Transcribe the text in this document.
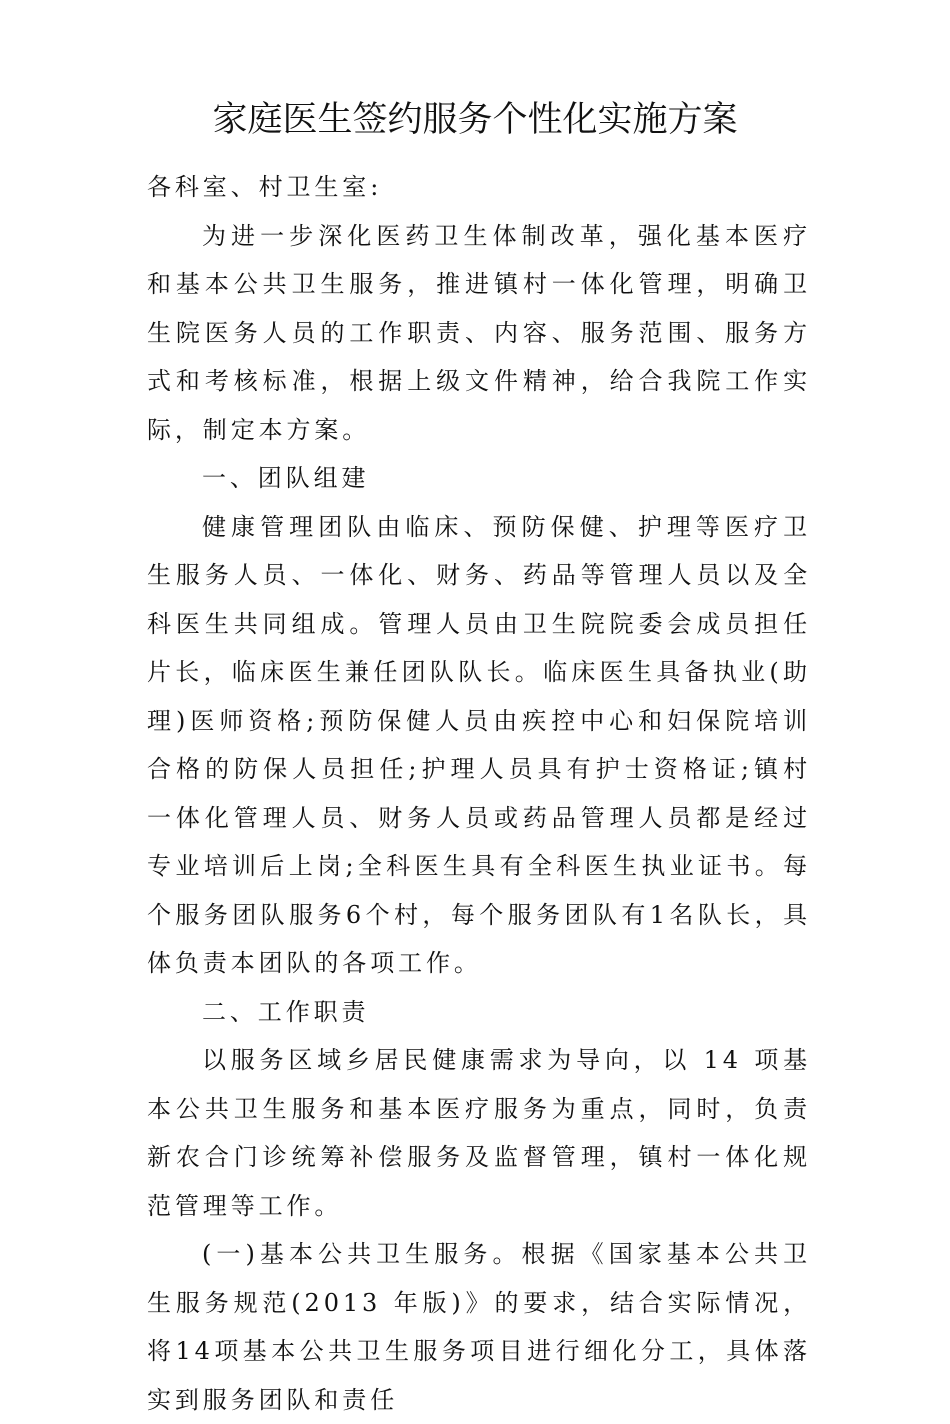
家庭医生签约服务个性化实施方案

各科室、村卫生室:

为进一步深化医药卫生体制改革，强化基本医疗和基本公共卫生服务，推进镇村一体化管理，明确卫生院医务人员的工作职责、内容、服务范围、服务方式和考核标准，根据上级文件精神，给合我院工作实际，制定本方案。

一、团队组建

健康管理团队由临床、预防保健、护理等医疗卫生服务人员、一体化、财务、药品等管理人员以及全科医生共同组成。管理人员由卫生院院委会成员担任片长，临床医生兼任团队队长。临床医生具备执业(助理)医师资格;预防保健人员由疾控中心和妇保院培训合格的防保人员担任;护理人员具有护士资格证;镇村一体化管理人员、财务人员或药品管理人员都是经过专业培训后上岗;全科医生具有全科医生执业证书。每个服务团队服务6个村，每个服务团队有1名队长，具体负责本团队的各项工作。

二、工作职责

以服务区域乡居民健康需求为导向，以 14 项基本公共卫生服务和基本医疗服务为重点，同时，负责新农合门诊统筹补偿服务及监督管理，镇村一体化规范管理等工作。

(一)基本公共卫生服务。根据《国家基本公共卫生服务规范(2013 年版)》的要求，结合实际情况，将14项基本公共卫生服务项目进行细化分工，具体落实到服务团队和责任
